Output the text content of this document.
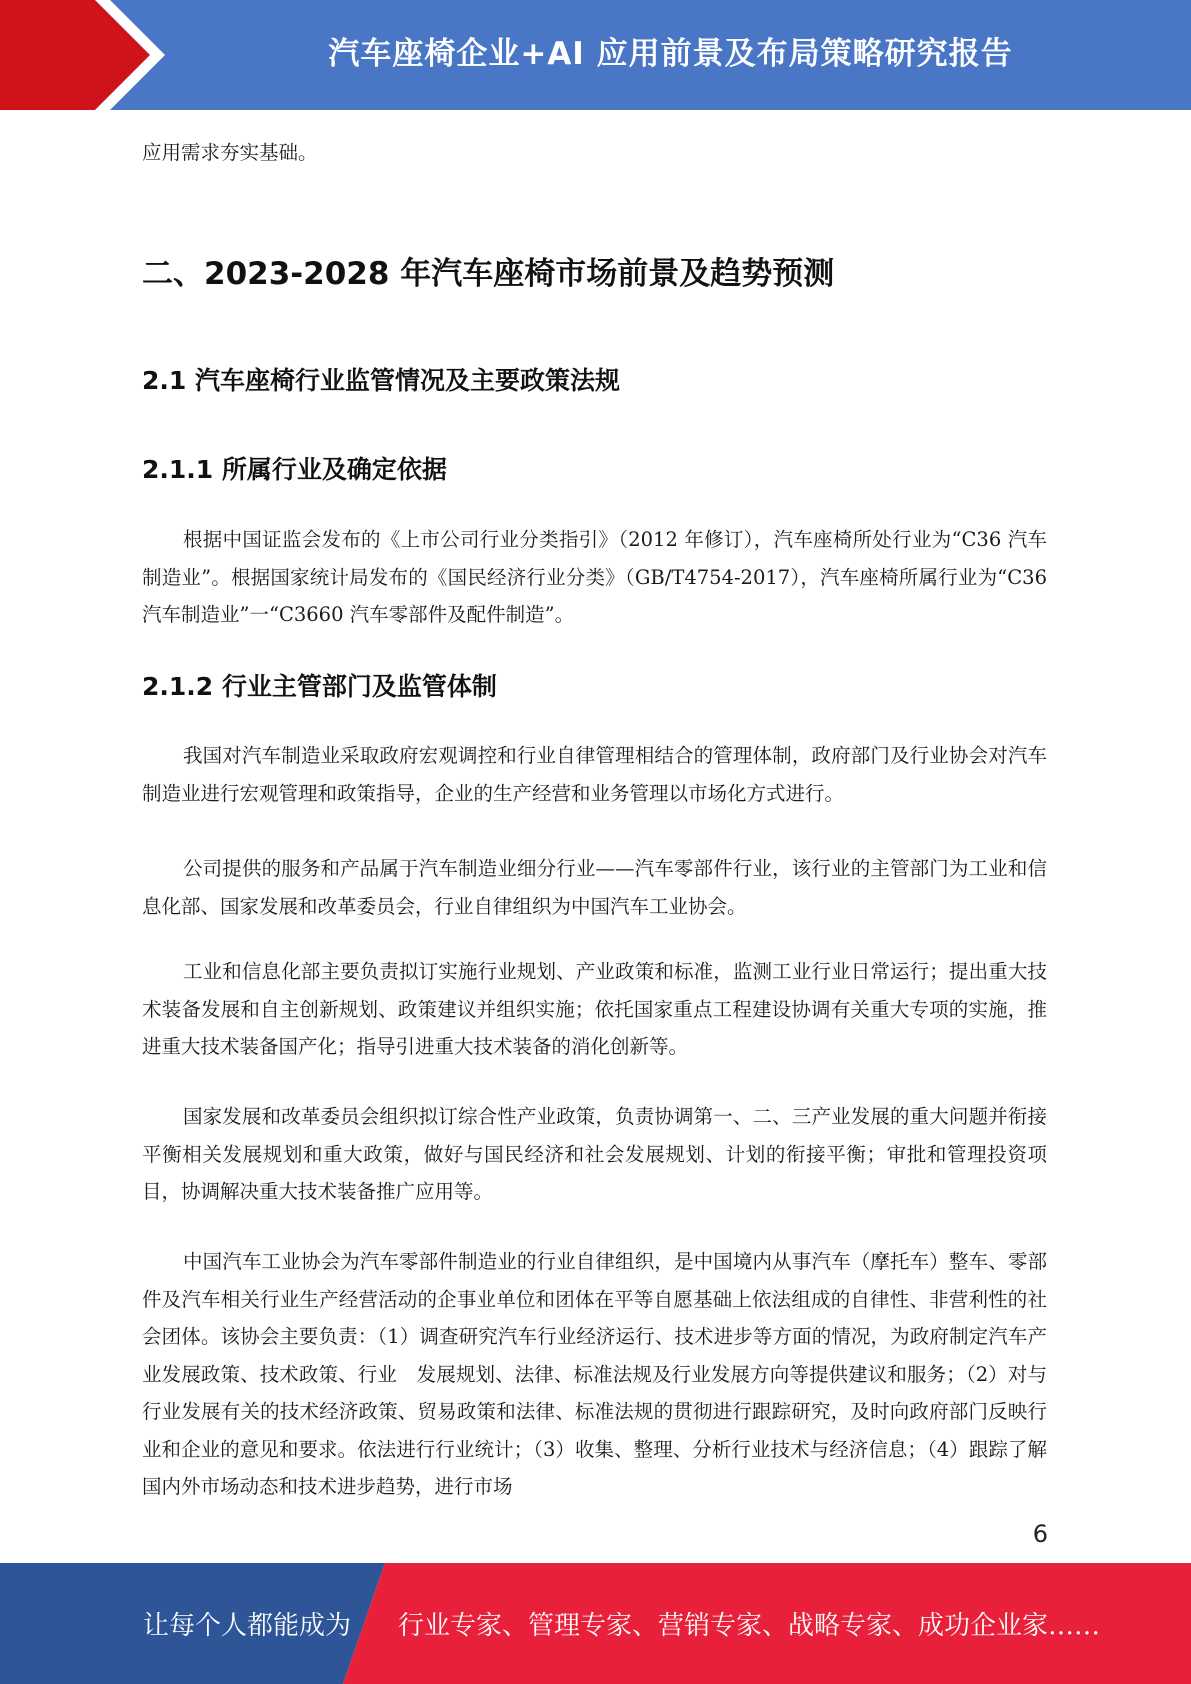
汽车座椅企业+AI 应用前景及布局策略研究报告

应用需求夯实基础。

二、2023-2028 年汽车座椅市场前景及趋势预测
2.1 汽车座椅行业监管情况及主要政策法规
2.1.1 所属行业及确定依据

根据中国证监会发布的《上市公司行业分类指引》（2012 年修订），汽车座椅所处行业为“C36 汽车制造业”。根据国家统计局发布的《国民经济行业分类》（GB/T4754-2017），汽车座椅所属行业为“C36 汽车制造业”一“C3660 汽车零部件及配件制造”。

2.1.2 行业主管部门及监管体制

我国对汽车制造业采取政府宏观调控和行业自律管理相结合的管理体制，政府部门及行业协会对汽车制造业进行宏观管理和政策指导，企业的生产经营和业务管理以市场化方式进行。

公司提供的服务和产品属于汽车制造业细分行业——汽车零部件行业，该行业的主管部门为工业和信息化部、国家发展和改革委员会，行业自律组织为中国汽车工业协会。

工业和信息化部主要负责拟订实施行业规划、产业政策和标准，监测工业行业日常运行；提出重大技术装备发展和自主创新规划、政策建议并组织实施；依托国家重点工程建设协调有关重大专项的实施，推进重大技术装备国产化；指导引进重大技术装备的消化创新等。

国家发展和改革委员会组织拟订综合性产业政策，负责协调第一、二、三产业发展的重大问题并衔接平衡相关发展规划和重大政策，做好与国民经济和社会发展规划、计划的衔接平衡；审批和管理投资项目，协调解决重大技术装备推广应用等。

中国汽车工业协会为汽车零部件制造业的行业自律组织，是中国境内从事汽车（摩托车）整车、零部件及汽车相关行业生产经营活动的企事业单位和团体在平等自愿基础上依法组成的自律性、非营利性的社会团体。该协会主要负责：（1）调查研究汽车行业经济运行、技术进步等方面的情况，为政府制定汽车产业发展政策、技术政策、行业　发展规划、法律、标准法规及行业发展方向等提供建议和服务；（2）对与行业发展有关的技术经济政策、贸易政策和法律、标准法规的贯彻进行跟踪研究，及时向政府部门反映行业和企业的意见和要求。依法进行行业统计；（3）收集、整理、分析行业技术与经济信息；（4）跟踪了解国内外市场动态和技术进步趋势，进行市场

6
让每个人都能成为 行业专家、管理专家、营销专家、战略专家、成功企业家……
